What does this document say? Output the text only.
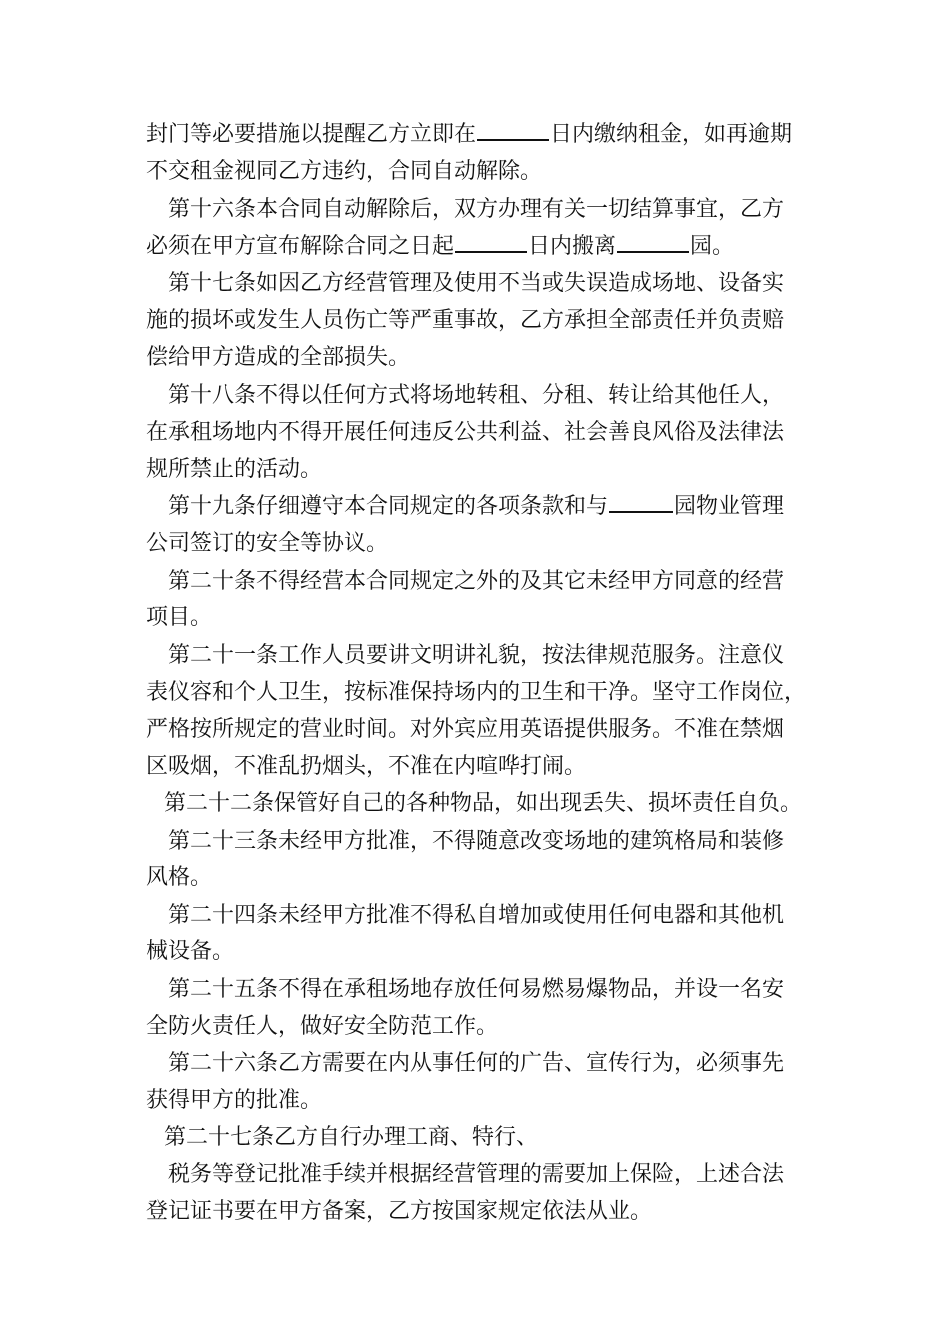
封门等必要措施以提醒乙方立即在	日内缴纳租金，如再逾期
不交租金视同乙方违约，合同自动解除。
第十六条本合同自动解除后，双方办理有关一切结算事宜，乙方
必须在甲方宣布解除合同之日起	日内搬离	园。
第十七条如因乙方经营管理及使用不当或失误造成场地、设备实
施的损坏或发生人员伤亡等严重事故，乙方承担全部责任并负责赔
偿给甲方造成的全部损失。
第十八条不得以任何方式将场地转租、分租、转让给其他任人，
在承租场地内不得开展任何违反公共利益、社会善良风俗及法律法
规所禁止的活动。
第十九条仔细遵守本合同规定的各项条款和与	园物业管理
公司签订的安全等协议。
第二十条不得经营本合同规定之外的及其它未经甲方同意的经营
项目。
第二十一条工作人员要讲文明讲礼貌，按法律规范服务。注意仪
表仪容和个人卫生，按标准保持场内的卫生和干净。坚守工作岗位，
严格按所规定的营业时间。对外宾应用英语提供服务。不准在禁烟
区吸烟，不准乱扔烟头，不准在内喧哗打闹。
第二十二条保管好自己的各种物品，如出现丢失、损坏责任自负。
第二十三条未经甲方批准，不得随意改变场地的建筑格局和装修
风格。
第二十四条未经甲方批准不得私自增加或使用任何电器和其他机
械设备。
第二十五条不得在承租场地存放任何易燃易爆物品，并设一名安
全防火责任人，做好安全防范工作。
第二十六条乙方需要在内从事任何的广告、宣传行为，必须事先
获得甲方的批准。
第二十七条乙方自行办理工商、特行、
税务等登记批准手续并根据经营管理的需要加上保险，上述合法
登记证书要在甲方备案，乙方按国家规定依法从业。
